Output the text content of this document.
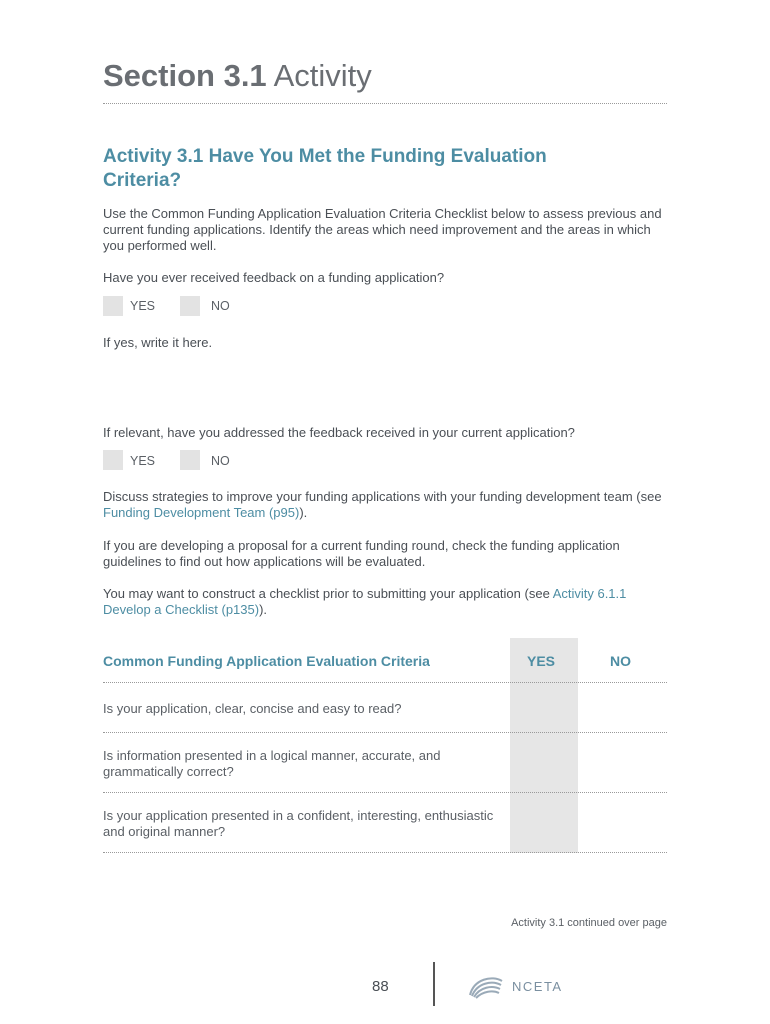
Section 3.1 Activity
Activity 3.1 Have You Met the Funding Evaluation Criteria?
Use the Common Funding Application Evaluation Criteria Checklist below to assess previous and current funding applications. Identify the areas which need improvement and the areas in which you performed well.
Have you ever received feedback on a funding application?
YES	NO
If yes, write it here.
If relevant, have you addressed the feedback received in your current application?
YES	NO
Discuss strategies to improve your funding applications with your funding development team (see Funding Development Team (p95)).
If you are developing a proposal for a current funding round, check the funding application guidelines to find out how applications will be evaluated.
You may want to construct a checklist prior to submitting your application (see Activity 6.1.1 Develop a Checklist (p135)).
Common Funding Application Evaluation Criteria	YES	NO
Is your application, clear, concise and easy to read?
Is information presented in a logical manner, accurate, and grammatically correct?
Is your application presented in a confident, interesting, enthusiastic and original manner?
Activity 3.1 continued over page
88	NCETA
